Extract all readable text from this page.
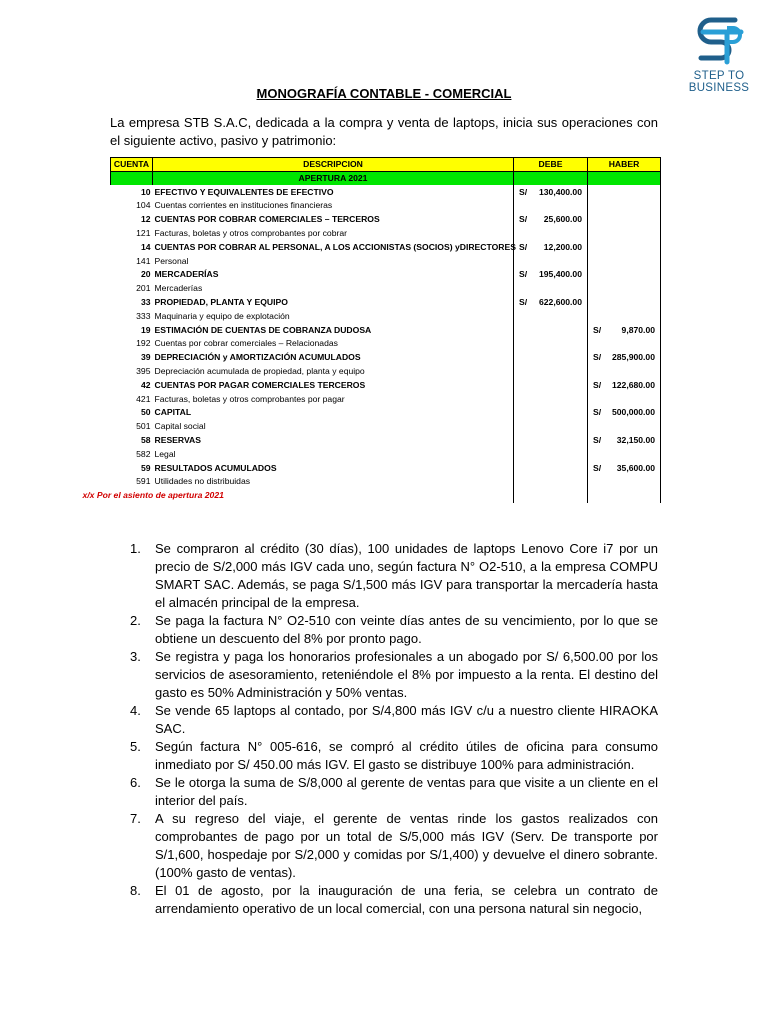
STEP TO
BUSINESS
MONOGRAFÍA CONTABLE - COMERCIAL

La empresa STB S.A.C, dedicada a la compra y venta de laptops, inicia sus operaciones con el siguiente activo, pasivo y patrimonio:

CUENTA	DESCRIPCION	DEBE	HABER
	APERTURA 2021		
10	EFECTIVO Y EQUIVALENTES DE EFECTIVO	S/ 130,400.00	

104	Cuentas corrientes en instituciones financieras	

12	CUENTAS POR COBRAR COMERCIALES – TERCEROS	S/ 25,600.00	

121	Facturas, boletas y otros comprobantes por cobrar	

14	CUENTAS POR COBRAR AL PERSONAL, A LOS ACCIONISTAS (SOCIOS) yDIRECTORES	S/ 12,200.00	

141	Personal	

20	MERCADERÍAS	S/ 195,400.00	

201	Mercaderías	

33	PROPIEDAD, PLANTA Y EQUIPO	S/ 622,600.00	

333	Maquinaria y equipo de explotación	

19	ESTIMACIÓN DE CUENTAS DE COBRANZA DUDOSA		S/ 9,870.00

192	Cuentas por cobrar comerciales – Relacionadas	

39	DEPRECIACIÓN y AMORTIZACIÓN ACUMULADOS		S/ 285,900.00

395	Depreciación acumulada de propiedad, planta y equipo	

42	CUENTAS POR PAGAR COMERCIALES TERCEROS		S/ 122,680.00

421	Facturas, boletas y otros comprobantes por pagar	

50	CAPITAL		S/ 500,000.00

501	Capital social	

58	RESERVAS		S/ 32,150.00

582	Legal	

59	RESULTADOS ACUMULADOS		S/ 35,600.00

591	Utilidades no distribuidas	

x/x Por el asiento de apertura 2021			

1.	Se compraron al crédito (30 días), 100 unidades de laptops Lenovo Core i7 por un precio de S/2,000 más IGV cada uno, según factura N° O2-510, a la empresa COMPU SMART SAC. Además, se paga S/1,500 más IGV para transportar la mercadería hasta el almacén principal de la empresa.
2.	Se paga la factura N° O2-510 con veinte días antes de su vencimiento, por lo que se obtiene un descuento del 8% por pronto pago.
3.	Se registra y paga los honorarios profesionales a un abogado por S/ 6,500.00 por los servicios de asesoramiento, reteniéndole el 8% por impuesto a la renta. El destino del gasto es 50% Administración y 50% ventas.
4.	Se vende 65 laptops al contado, por S/4,800 más IGV c/u a nuestro cliente HIRAOKA SAC.
5.	Según factura N° 005-616, se compró al crédito útiles de oficina para consumo inmediato por S/ 450.00 más IGV. El gasto se distribuye 100% para administración.
6.	Se le otorga la suma de S/8,000 al gerente de ventas para que visite a un cliente en el interior del país.
7.	A su regreso del viaje, el gerente de ventas rinde los gastos realizados con comprobantes de pago por un total de S/5,000 más IGV (Serv. De transporte por S/1,600, hospedaje por S/2,000 y comidas por S/1,400) y devuelve el dinero sobrante. (100% gasto de ventas).
8.	El 01 de agosto, por la inauguración de una feria, se celebra un contrato de arrendamiento operativo de un local comercial, con una persona natural sin negocio,
